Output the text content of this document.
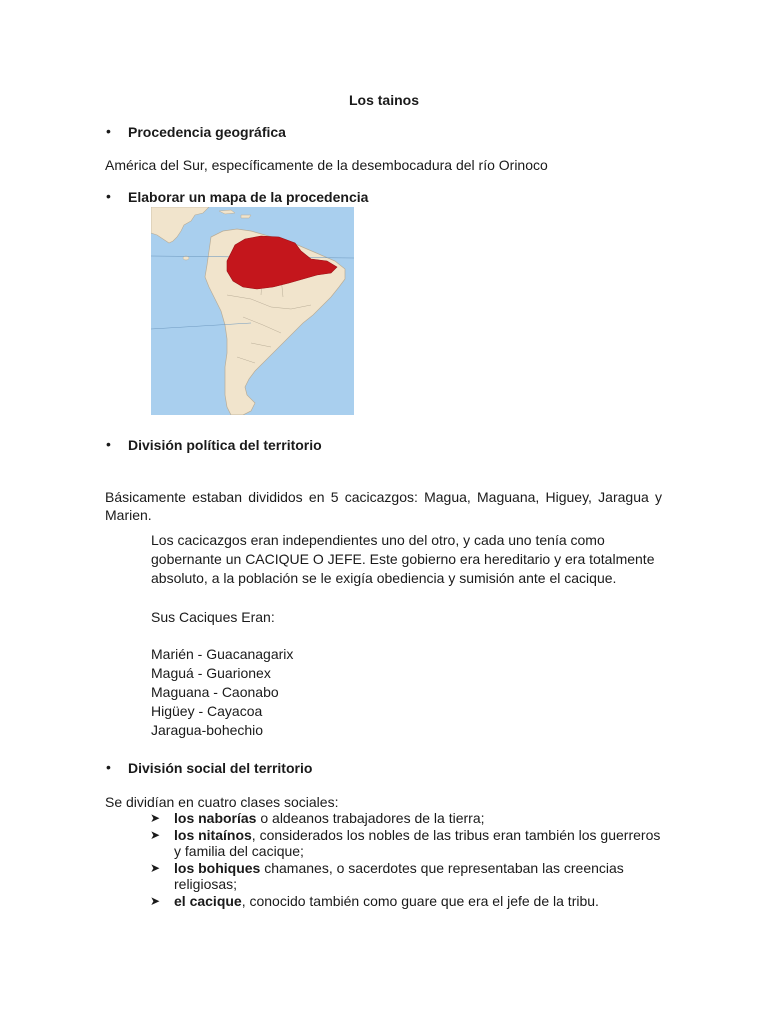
Los tainos
• Procedencia geográfica
América del Sur, específicamente de la desembocadura del río Orinoco
• Elaborar un mapa de la procedencia
• División política del territorio
Básicamente estaban divididos en 5 cacicazgos: Magua, Maguana, Higuey, Jaragua y Marien.
Los cacicazgos eran independientes uno del otro, y cada uno tenía como
gobernante un CACIQUE O JEFE. Este gobierno era hereditario y era totalmente
absoluto, a la población se le exigía obediencia y sumisión ante el cacique.
Sus Caciques Eran:
Marién - Guacanagarix
Maguá - Guarionex
Maguana - Caonabo
Higüey - Cayacoa
Jaragua-bohechio
• División social del territorio
Se dividían en cuatro clases sociales:
➤ los naborías o aldeanos trabajadores de la tierra;
➤ los nitaínos, considerados los nobles de las tribus eran también los guerreros y familia del cacique;
➤ los bohiques chamanes, o sacerdotes que representaban las creencias religiosas;
➤ el cacique, conocido también como guare que era el jefe de la tribu.
